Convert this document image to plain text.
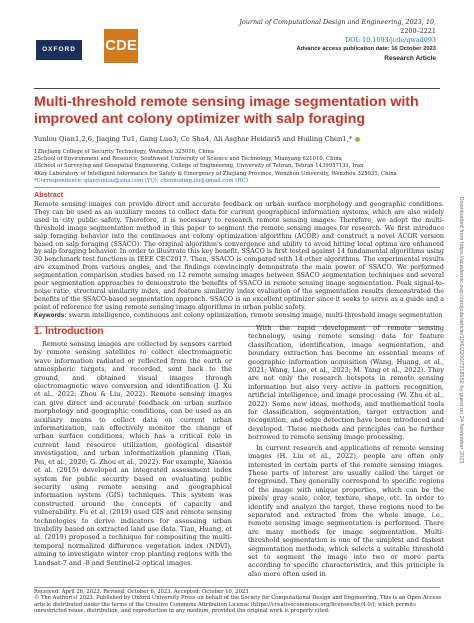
OXFORD	CDE
Journal of Computational Design and Engineering, 2023, 10,
2200–2221
DOI: 10.1093/jcde/qwad093
Advance access publication date: 16 October 2023
Research Article
Multi-threshold remote sensing image segmentation with improved ant colony optimizer with salp foraging
Yunlou Qian1,2,6, Jiaqing Tu1, Gang Luo3, Ce Sha4, Ali Asghar Heidari5 and Huiling Chen1,*
1Zhejiang College of Security Technology, Wenzhou 325016, China
2School of Environment and Resource, Southwest University of Science and Technology, Mianyang 621010, China
3School of Surveying and Geospatial Engineering, College of Engineering, University of Tehran, Tehran 1439957131, Iran
4Key Laboratory of Intelligent Informatics for Safety & Emergency of Zhejiang Province, Wenzhou University, Wenzhou 325035, China
*Correspondence: qianyunlou@sina.com (YQ); chenhuiling.jlu@gmail.com (HC)
Abstract
Remote sensing images can provide direct and accurate feedback on urban surface morphology and geographic conditions. They can be used as an auxiliary means to collect data for current geographical information systems, which are also widely used in city public safety. Therefore, it is necessary to research remote sensing images. Therefore, we adopt the multi-threshold image segmentation method in this paper to segment the remote sensing images for research. We first introduce salp foraging behavior into the continuous ant colony optimization algorithm (ACOR) and construct a novel ACOR version based on salp foraging (SSACO). The original algorithm's convergence and ability to avoid hitting local optima are enhanced by salp foraging behavior. In order to illustrate this key benefit, SSACO is first tested against 14 fundamental algorithms using 30 benchmark test functions in IEEE CEC2017. Then, SSACO is compared with 14 other algorithms. The experimental results are examined from various angles, and the findings convincingly demonstrate the main power of SSACO. We performed segmentation comparison studies based on 12 remote sensing images between SSACO segmentation techniques and several peer segmentation approaches to demonstrate the benefits of SSACO in remote sensing image segmentation. Peak signal-to-noise ratio, structural similarity index, and feature similarity index evaluation of the segmentation results demonstrated the benefits of the SSACO-based segmentation approach. SSACO is an excellent optimizer since it seeks to serve as a guide and a point of reference for using remote sensing image algorithms in urban public safety.
Keywords: swarm intelligence, continuous ant colony optimization, remote sensing image, multi-threshold image segmentation
1. Introduction

Remote sensing images are collected by sensors carried by remote sensing satellites to collect electromagnetic wave information radiated or reflected from the earth or atmospheric targets, and recorded, sent back to the ground, and obtained visual images through electromagnetic wave conversion and identification (J. Xu et al., 2022; Zhou & Liu, 2022). Remote sensing images can give direct and accurate feedback on urban surface morphology and geographic conditions, can be used as an auxiliary means to collect data on current urban informatization, can effectively monitor the change of urban surface conditions, which has a critical role in current land resource utilization, geological disaster investigation, and urban informatization planning (Tian, Pei, et al., 2020; G. Zhou et al., 2022). For example, Xiaoxia et al. (2015) developed an integrated assessment index system for public security based on evaluating public security using remote sensing and geographical information system (GIS) techniques. This system was constructed around the concepts of capacity and vulnerability. Fu et al. (2019) used GIS and remote sensing technologies to derive indicators for assessing urban livability based on extracted land use data. Tian, Huang, et al. (2019) proposed a technique for compositing the multi-temporal normalized difference vegetation index (NDVI), aiming to investigate winter crop planting regions with the Landsat-7 and -8 and Sentinel-2 optical images.

With the rapid development of remote sensing technology, using remote sensing data for feature classification, identification, image segmentation, and boundary extraction has become an essential means of geographic information acquisition (Wang, Huang, et al., 2021; Wang, Liao, et al., 2023; M. Yang et al., 2022). They are not only the research hotspots in remote sensing information but also very active in pattern recognition, artificial intelligence, and image processing (W. Zhu et al., 2022). Some new ideas, methods, and mathematical tools for classification, segmentation, target extraction and recognition, and edge detection have been introduced and developed. These methods and principles can be further borrowed to remote sensing image processing.

In current research and applications of remote sensing images (H. Liu et al., 2022), people are often only interested in certain parts of the remote sensing images. These parts of interest are usually called the target or foreground. They generally correspond to specific regions of the image with unique properties, which can be the pixels' gray scale, color, texture, shape, etc. In order to identify and analyze the target, these regions need to be separated and extracted from the whole image, i.e., remote sensing image segmentation is performed. There are many methods for image segmentation. Multi-threshold segmentation is one of the simplest and fastest segmentation methods, which selects a suitable threshold set to segment the image into two or more parts according to specific characteristics, and this principle is also more often used in

Received: April 26, 2023. Revised: October 6, 2023. Accepted: October 10, 2023
© The Author(s) 2023. Published by Oxford University Press on behalf of the Society for Computational Design and Engineering. This is an Open Access article distributed under the terms of the Creative Commons Attribution License (https://creativecommons.org/licenses/by/4.0/), which permits unrestricted reuse, distribution, and reproduction in any medium, provided the original work is properly cited.
Downloaded from https://academic.oup.com/jcde/article/10/6/2200/7318552 by guest on 24 November 2023
